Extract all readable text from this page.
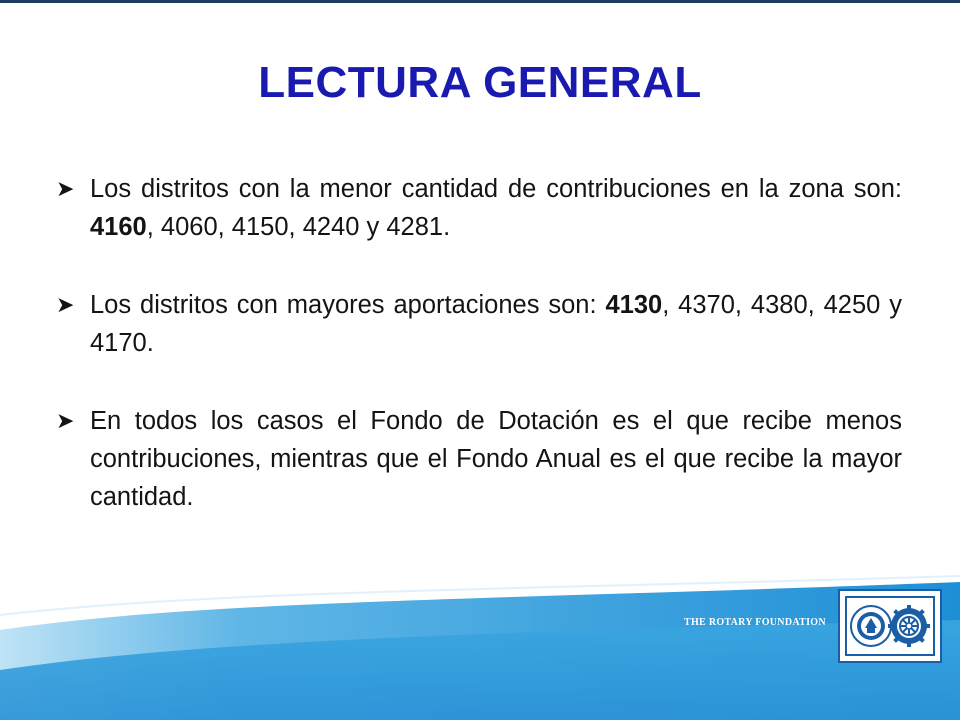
LECTURA GENERAL
➤ Los distritos con la menor cantidad de contribuciones en la zona son: 4160, 4060, 4150, 4240 y 4281.
➤ Los distritos con mayores aportaciones son: 4130, 4370, 4380, 4250 y 4170.
➤ En todos los casos el Fondo de Dotación es el que recibe menos contribuciones, mientras que el Fondo Anual es el que recibe la mayor cantidad.
THE ROTARY FOUNDATION
